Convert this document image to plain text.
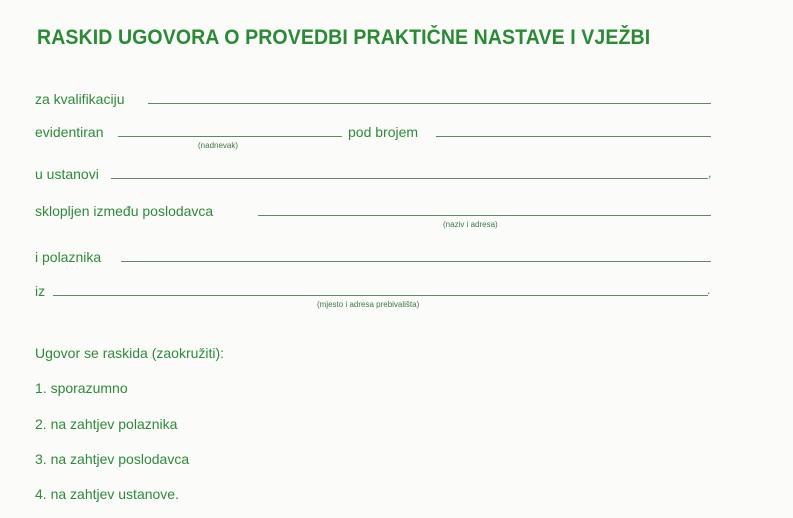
RASKID UGOVORA O PROVEDBI PRAKTIČNE NASTAVE I VJEŽBI
za kvalifikaciju
evidentiran
(nadnevak)
pod brojem
u ustanovi	,
sklopljen između poslodavca
(naziv i adresa)
i polaznika
iz	.
(mjesto i adresa prebivališta)
Ugovor se raskida (zaokružiti):
1. sporazumno
2. na zahtjev polaznika
3. na zahtjev poslodavca
4. na zahtjev ustanove.
